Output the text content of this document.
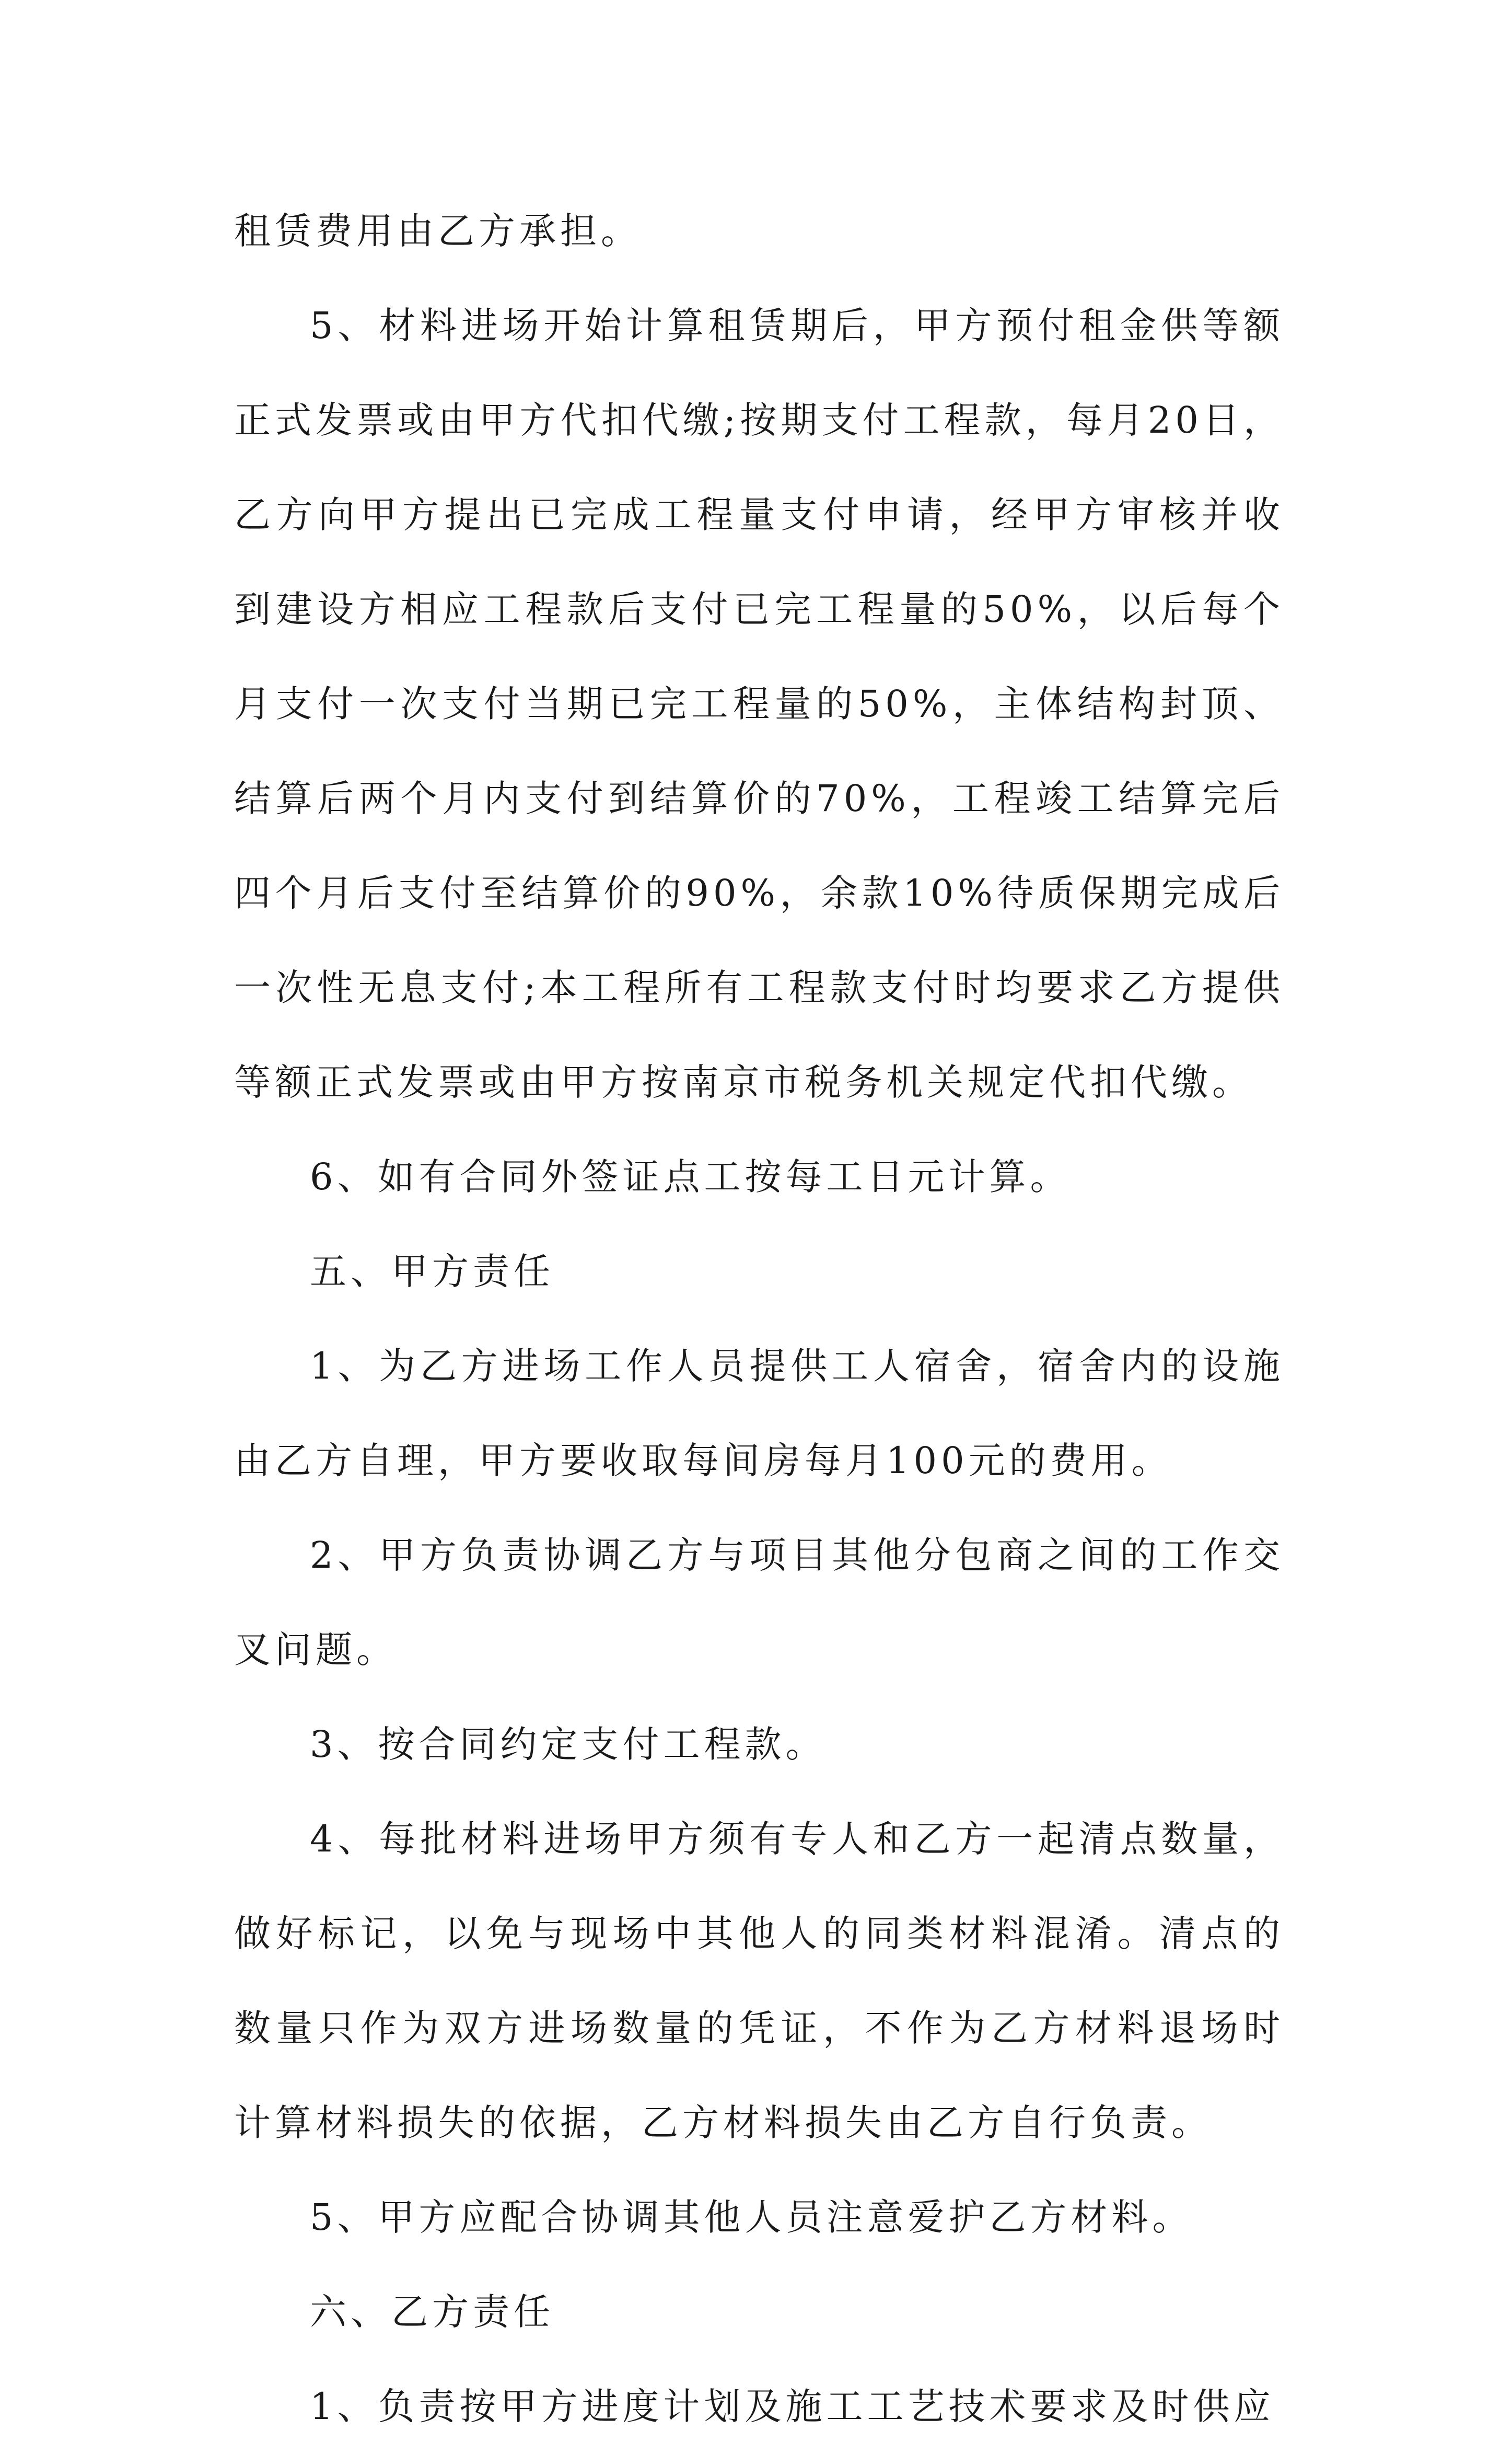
租赁费用由乙方承担。

5、材料进场开始计算租赁期后，甲方预付租金供等额正式发票或由甲方代扣代缴;按期支付工程款，每月20日，乙方向甲方提出已完成工程量支付申请，经甲方审核并收到建设方相应工程款后支付已完工程量的50%，以后每个月支付一次支付当期已完工程量的50%，主体结构封顶、结算后两个月内支付到结算价的70%，工程竣工结算完后四个月后支付至结算价的90%，余款10%待质保期完成后一次性无息支付;本工程所有工程款支付时均要求乙方提供等额正式发票或由甲方按南京市税务机关规定代扣代缴。

6、如有合同外签证点工按每工日元计算。

五、甲方责任

1、为乙方进场工作人员提供工人宿舍，宿舍内的设施由乙方自理，甲方要收取每间房每月100元的费用。

2、甲方负责协调乙方与项目其他分包商之间的工作交叉问题。

3、按合同约定支付工程款。

4、每批材料进场甲方须有专人和乙方一起清点数量，做好标记，以免与现场中其他人的同类材料混淆。清点的数量只作为双方进场数量的凭证，不作为乙方材料退场时计算材料损失的依据，乙方材料损失由乙方自行负责。

5、甲方应配合协调其他人员注意爱护乙方材料。

六、乙方责任

1、负责按甲方进度计划及施工工艺技术要求及时供应
